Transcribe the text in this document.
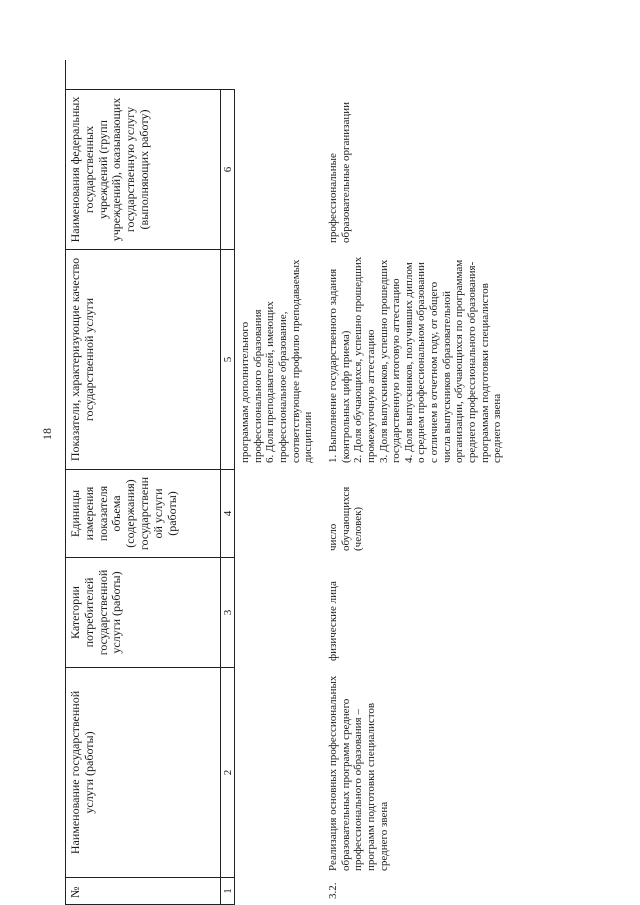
18
№
Наименование государственной услуги (работы)
Категории потребителей государственной услуги (работы)
Единицы измерения показателя объема (содержания) государственн ой услуги (работы)
Показатели, характеризующие качество государственной услуги
Наименования федеральных государственных учреждений (групп учреждений), оказывающих государственную услугу (выполняющих работу)
1
2
3
4
5
6
программам дополнительного профессионального образования 6. Доля преподавателей, имеющих профессиональное образование, соответствующее профилю преподаваемых дисциплин
3.2.
Реализация основных профессиональных образовательных программ среднего профессионального образования – программ подготовки специалистов среднего звена
физические лица
число обучающихся (человек)
1. Выполнение государственного задания (контрольных цифр приема) 2. Доля обучающихся, успешно прошедших промежуточную аттестацию 3. Доля выпускников, успешно прошедших государственную итоговую аттестацию 4. Доля выпускников, получивших диплом о среднем профессиональном образовании с отличием в отчетном году, от общего числа выпускников образовательной организации, обучающихся по программам среднего профессионального образования- программам подготовки специалистов среднего звена
профессиональные образовательные организации
